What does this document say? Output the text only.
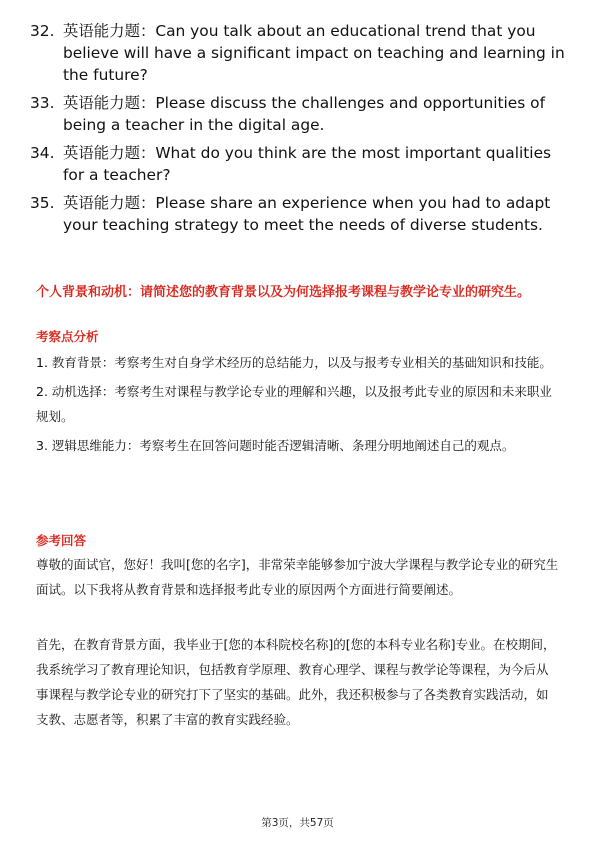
32. 英语能力题：Can you talk about an educational trend that you believe will have a significant impact on teaching and learning in the future?
33. 英语能力题：Please discuss the challenges and opportunities of being a teacher in the digital age.
34. 英语能力题：What do you think are the most important qualities for a teacher?
35. 英语能力题：Please share an experience when you had to adapt your teaching strategy to meet the needs of diverse students.
个人背景和动机：请简述您的教育背景以及为何选择报考课程与教学论专业的研究生。
考察点分析
1. 教育背景：考察考生对自身学术经历的总结能力，以及与报考专业相关的基础知识和技能。
2. 动机选择：考察考生对课程与教学论专业的理解和兴趣，以及报考此专业的原因和未来职业规划。
3. 逻辑思维能力：考察考生在回答问题时能否逻辑清晰、条理分明地阐述自己的观点。
参考回答
尊敬的面试官，您好！我叫[您的名字]，非常荣幸能够参加宁波大学课程与教学论专业的研究生面试。以下我将从教育背景和选择报考此专业的原因两个方面进行简要阐述。
首先，在教育背景方面，我毕业于[您的本科院校名称]的[您的本科专业名称]专业。在校期间，我系统学习了教育理论知识，包括教育学原理、教育心理学、课程与教学论等课程，为今后从事课程与教学论专业的研究打下了坚实的基础。此外，我还积极参与了各类教育实践活动，如支教、志愿者等，积累了丰富的教育实践经验。
第3页，共57页
